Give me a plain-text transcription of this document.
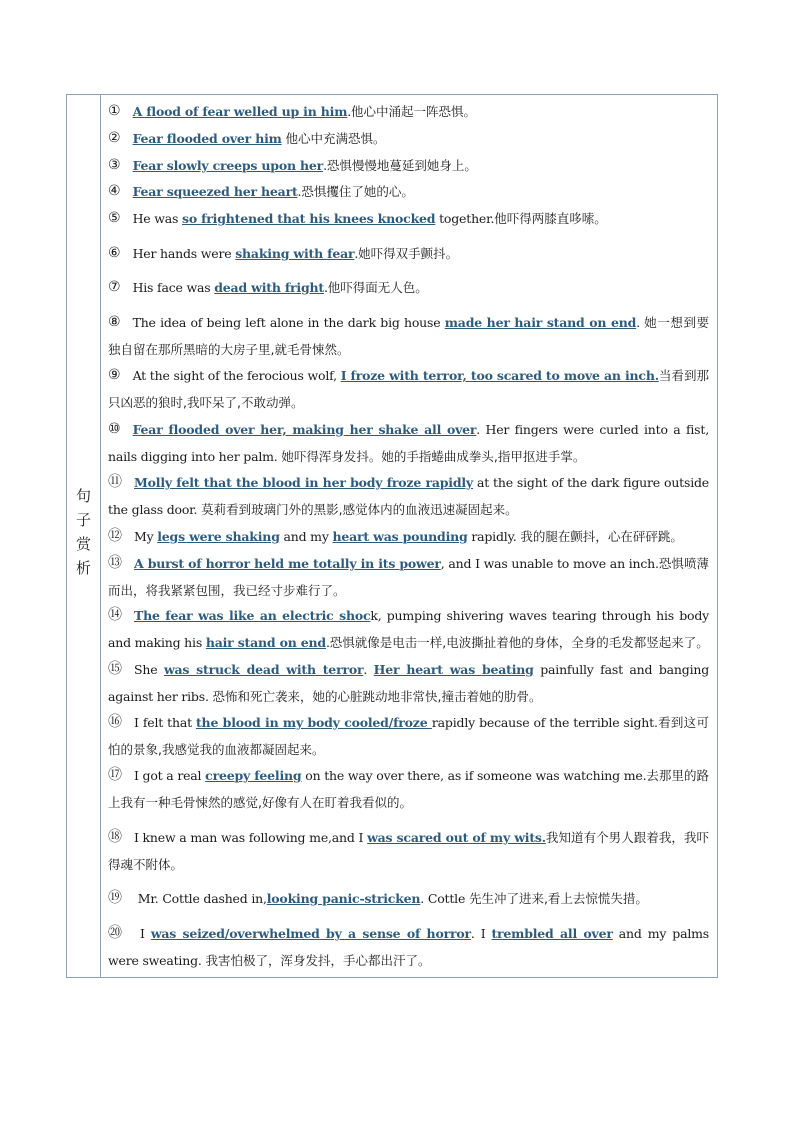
句子赏析
① A flood of fear welled up in him.他心中涌起一阵恐惧。
② Fear flooded over him 他心中充满恐惧。
③ Fear slowly creeps upon her.恐惧慢慢地蔓延到她身上。
④ Fear squeezed her heart.恐惧攫住了她的心。
⑤ He was so frightened that his knees knocked together.他吓得两膝直哆嗦。
⑥ Her hands were shaking with fear.她吓得双手颤抖。
⑦ His face was dead with fright.他吓得面无人色。
⑧ The idea of being left alone in the dark big house made her hair stand on end. 她一想到要独自留在那所黑暗的大房子里,就毛骨悚然。
⑨ At the sight of the ferocious wolf, I froze with terror, too scared to move an inch.当看到那只凶恶的狼时,我吓呆了,不敢动弹。
⑩ Fear flooded over her, making her shake all over. Her fingers were curled into a fist, nails digging into her palm. 她吓得浑身发抖。她的手指蜷曲成拳头,指甲抠进手掌。
⑪ Molly felt that the blood in her body froze rapidly at the sight of the dark figure outside the glass door. 莫莉看到玻璃门外的黑影,感觉体内的血液迅速凝固起来。
⑫ My legs were shaking and my heart was pounding rapidly. 我的腿在颤抖，心在砰砰跳。
⑬ A burst of horror held me totally in its power, and I was unable to move an inch.恐惧喷薄而出，将我紧紧包围，我已经寸步难行了。
⑭ The fear was like an electric shock, pumping shivering waves tearing through his body and making his hair stand on end.恐惧就像是电击一样,电波撕扯着他的身体，全身的毛发都竖起来了。
⑮ She was struck dead with terror. Her heart was beating painfully fast and banging against her ribs. 恐怖和死亡袭来，她的心脏跳动地非常快,撞击着她的肋骨。
⑯ I felt that the blood in my body cooled/froze rapidly because of the terrible sight.看到这可怕的景象,我感觉我的血液都凝固起来。
⑰ I got a real creepy feeling on the way over there, as if someone was watching me.去那里的路上我有一种毛骨悚然的感觉,好像有人在盯着我看似的。
⑱ I knew a man was following me,and I was scared out of my wits.我知道有个男人跟着我，我吓得魂不附体。
⑲ Mr. Cottle dashed in,looking panic-stricken. Cottle 先生冲了进来,看上去惊慌失措。
⑳ I was seized/overwhelmed by a sense of horror. I trembled all over and my palms were sweating. 我害怕极了，浑身发抖，手心都出汗了。
